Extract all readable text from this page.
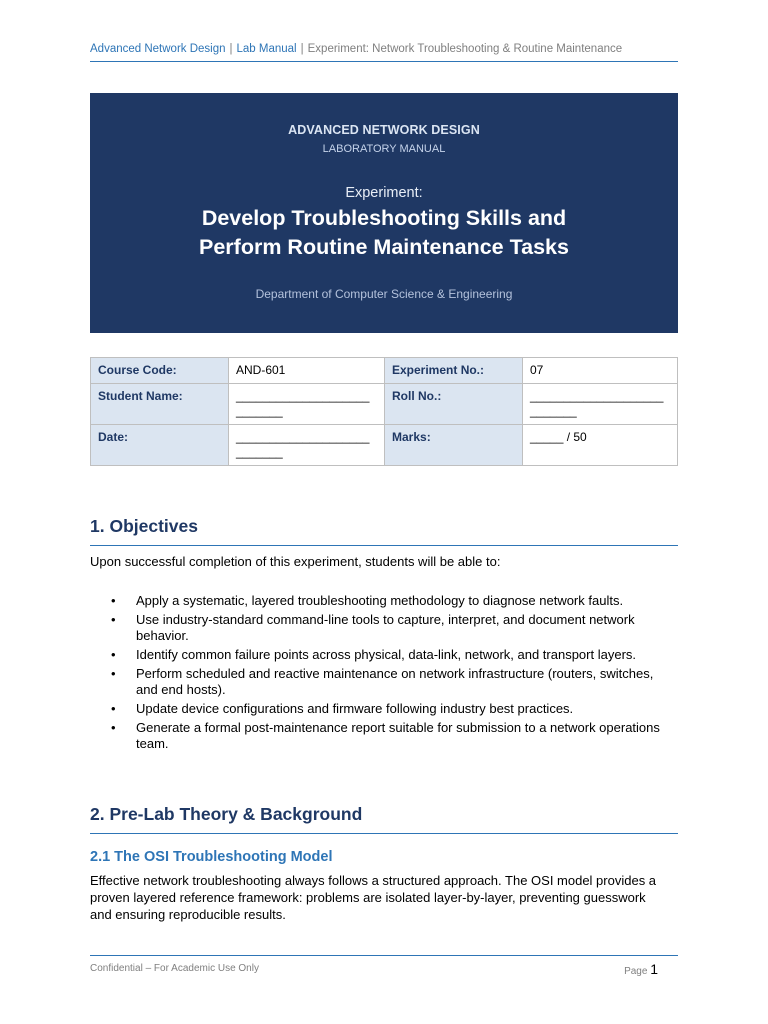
Advanced Network Design | Lab Manual | Experiment: Network Troubleshooting & Routine Maintenance
ADVANCED NETWORK DESIGN
LABORATORY MANUAL
Experiment:
Develop Troubleshooting Skills and
Perform Routine Maintenance Tasks
Department of Computer Science & Engineering
Course Code:	AND-601	Experiment No.:	07
Student Name:	____________________ _______	Roll No.:	____________________ _______
Date:	____________________ _______	Marks:	_____ / 50
1. Objectives
Upon successful completion of this experiment, students will be able to:
• Apply a systematic, layered troubleshooting methodology to diagnose network faults.
• Use industry-standard command-line tools to capture, interpret, and document network behavior.
• Identify common failure points across physical, data-link, network, and transport layers.
• Perform scheduled and reactive maintenance on network infrastructure (routers, switches, and end hosts).
• Update device configurations and firmware following industry best practices.
• Generate a formal post-maintenance report suitable for submission to a network operations team.
2. Pre-Lab Theory & Background
2.1 The OSI Troubleshooting Model
Effective network troubleshooting always follows a structured approach. The OSI model provides a proven layered reference framework: problems are isolated layer-by-layer, preventing guesswork and ensuring reproducible results.
Confidential – For Academic Use Only	Page 1
